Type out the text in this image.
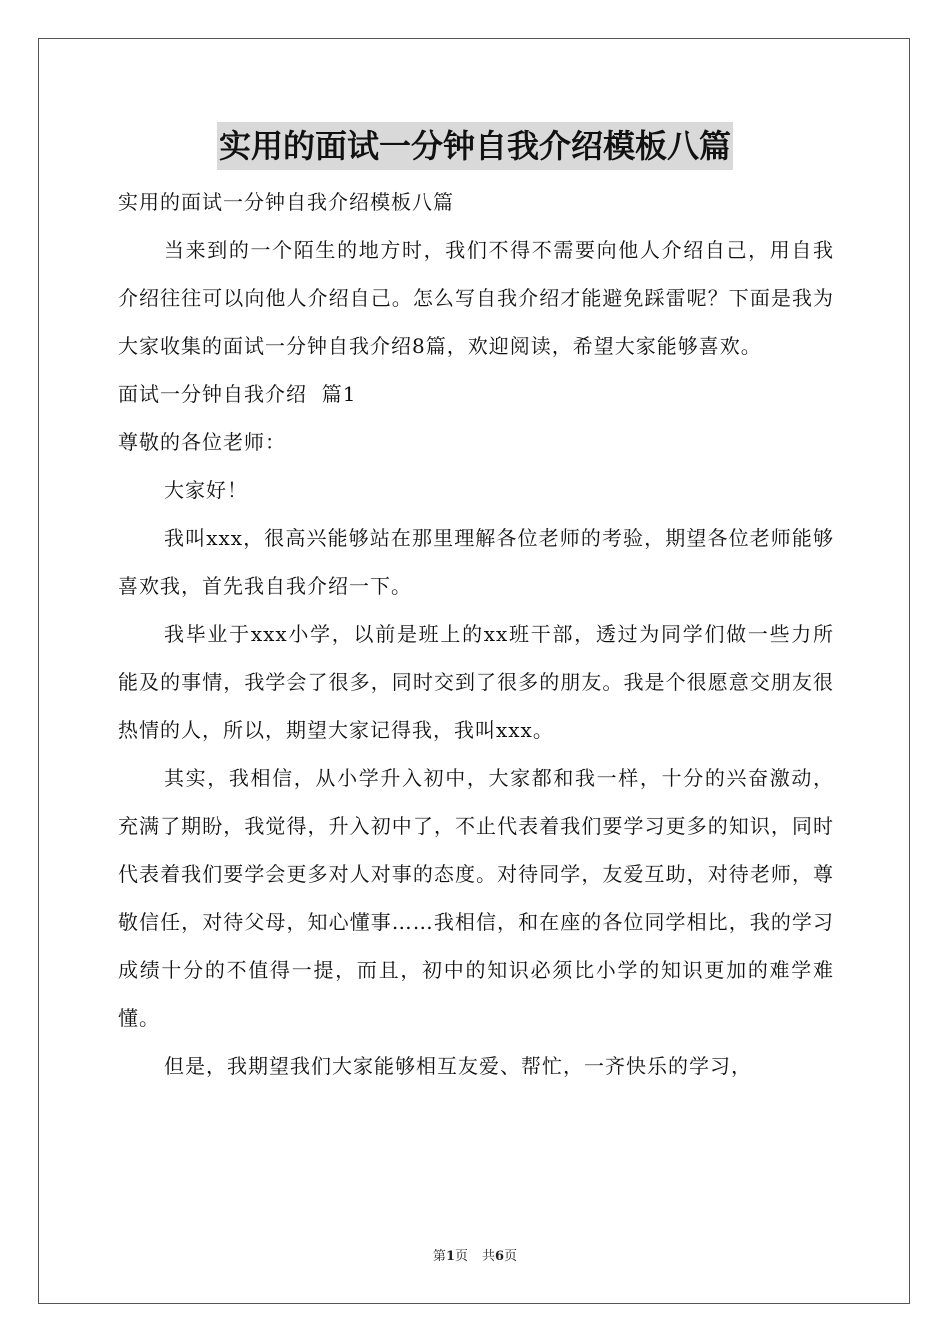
实用的面试一分钟自我介绍模板八篇

实用的面试一分钟自我介绍模板八篇

当来到的一个陌生的地方时，我们不得不需要向他人介绍自己，用自我介绍往往可以向他人介绍自己。怎么写自我介绍才能避免踩雷呢？下面是我为大家收集的面试一分钟自我介绍8篇，欢迎阅读，希望大家能够喜欢。

面试一分钟自我介绍  篇1

尊敬的各位老师：

大家好！

我叫xxx，很高兴能够站在那里理解各位老师的考验，期望各位老师能够喜欢我，首先我自我介绍一下。

我毕业于xxx小学，以前是班上的xx班干部，透过为同学们做一些力所能及的事情，我学会了很多，同时交到了很多的朋友。我是个很愿意交朋友很热情的人，所以，期望大家记得我，我叫xxx。

其实，我相信，从小学升入初中，大家都和我一样，十分的兴奋激动，充满了期盼，我觉得，升入初中了，不止代表着我们要学习更多的知识，同时代表着我们要学会更多对人对事的态度。对待同学，友爱互助，对待老师，尊敬信任，对待父母，知心懂事……我相信，和在座的各位同学相比，我的学习成绩十分的不值得一提，而且，初中的知识必须比小学的知识更加的难学难懂。

但是，我期望我们大家能够相互友爱、帮忙，一齐快乐的学习，

第1页 共6页
